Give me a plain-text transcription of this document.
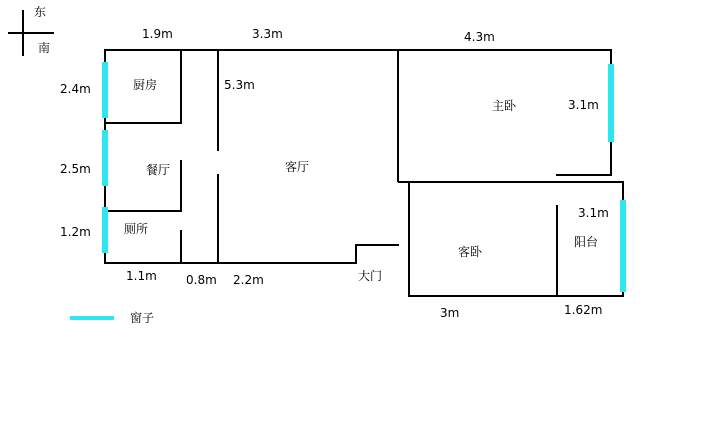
东
南
厨房
餐厅
厕所
客厅
主卧
客卧
阳台
大门
1.9m	3.3m	4.3m
5.3m
2.4m
2.5m
1.2m
3.1m
3.1m
1.1m 0.8m 2.2m
3m	1.62m
窗子
